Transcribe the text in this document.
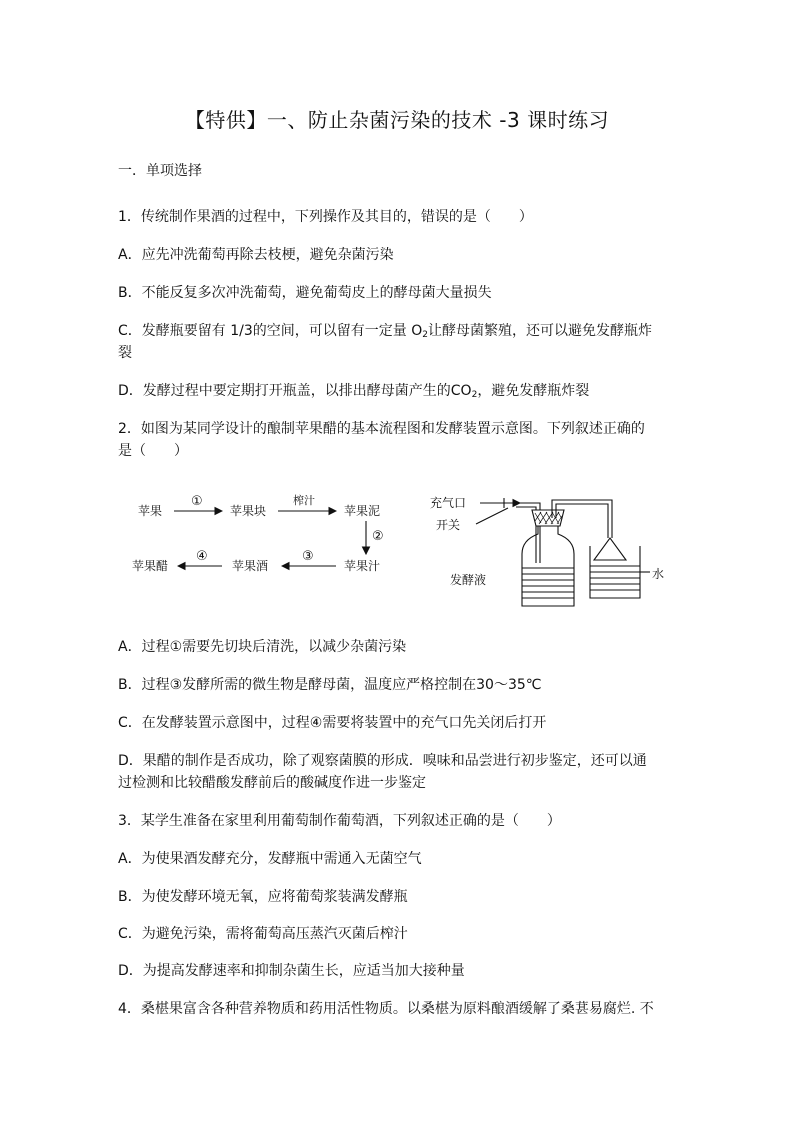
【特供】一、防止杂菌污染的技术 -3 课时练习
一．单项选择
1．传统制作果酒的过程中，下列操作及其目的，错误的是（　　）
A．应先冲洗葡萄再除去枝梗，避免杂菌污染
B．不能反复多次冲洗葡萄，避免葡萄皮上的酵母菌大量损失
C．发酵瓶要留有 1/3的空间，可以留有一定量 $O_2$让酵母菌繁殖，还可以避免发酵瓶炸
裂
D．发酵过程中要定期打开瓶盖，以排出酵母菌产生的$CO_2$，避免发酵瓶炸裂
2．如图为某同学设计的酿制苹果醋的基本流程图和发酵装置示意图。下列叙述正确的
是（　　）
苹果
①
苹果块
榨汁
苹果泥
②
苹果汁
③
苹果酒
④
苹果醋
充气口
开关
发酵液	水
A．过程①需要先切块后清洗，以减少杂菌污染
B．过程③发酵所需的微生物是酵母菌，温度应严格控制在30～35℃
C．在发酵装置示意图中，过程④需要将装置中的充气口先关闭后打开
D．果醋的制作是否成功，除了观察菌膜的形成．嗅味和品尝进行初步鉴定，还可以通
过检测和比较醋酸发酵前后的酸碱度作进一步鉴定
3．某学生准备在家里利用葡萄制作葡萄酒，下列叙述正确的是（　　）
A．为使果酒发酵充分，发酵瓶中需通入无菌空气
B．为使发酵环境无氧，应将葡萄浆装满发酵瓶
C．为避免污染，需将葡萄高压蒸汽灭菌后榨汁
D．为提高发酵速率和抑制杂菌生长，应适当加大接种量
4．桑椹果富含各种营养物质和药用活性物质。以桑椹为原料酿酒缓解了桑葚易腐烂. 不
